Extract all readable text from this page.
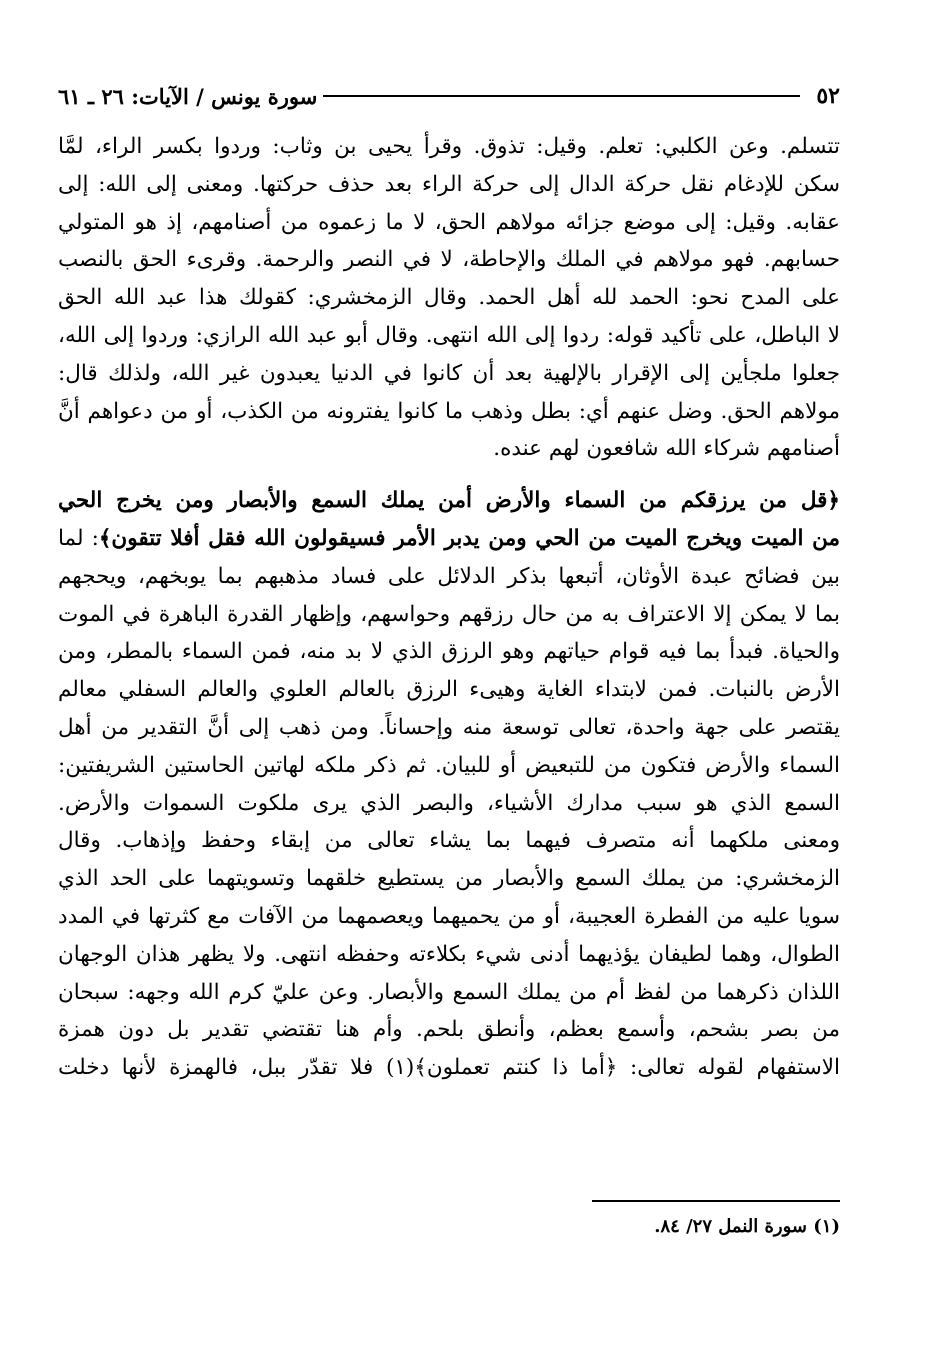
٥٢
سورة يونس / الآيات: ٢٦ ـ ٦١
تتسلم. وعن الكلبي: تعلم. وقيل: تذوق. وقرأ يحيى بن وثاب: وردوا بكسر الراء، لمَّا
سكن للإدغام نقل حركة الدال إلى حركة الراء بعد حذف حركتها. ومعنى إلى الله: إلى
عقابه. وقيل: إلى موضع جزائه مولاهم الحق، لا ما زعموه من أصنامهم، إذ هو المتولي
حسابهم. فهو مولاهم في الملك والإحاطة، لا في النصر والرحمة. وقرىء الحق بالنصب
على المدح نحو: الحمد لله أهل الحمد. وقال الزمخشري: كقولك هذا عبد الله الحق
لا الباطل، على تأكيد قوله: ردوا إلى الله انتهى. وقال أبو عبد الله الرازي: وردوا إلى الله،
جعلوا ملجأين إلى الإقرار بالإلهية بعد أن كانوا في الدنيا يعبدون غير الله، ولذلك قال:
مولاهم الحق. وضل عنهم أي: بطل وذهب ما كانوا يفترونه من الكذب، أو من دعواهم أنَّ
أصنامهم شركاء الله شافعون لهم عنده.
﴿قل من يرزقكم من السماء والأرض أمن يملك السمع والأبصار ومن يخرج الحي
من الميت ويخرج الميت من الحي ومن يدبر الأمر فسيقولون الله فقل أفلا تتقون﴾: لما
بين فضائح عبدة الأوثان، أتبعها بذكر الدلائل على فساد مذهبهم بما يوبخهم، ويحجهم
بما لا يمكن إلا الاعتراف به من حال رزقهم وحواسهم، وإظهار القدرة الباهرة في الموت
والحياة. فبدأ بما فيه قوام حياتهم وهو الرزق الذي لا بد منه، فمن السماء بالمطر، ومن
الأرض بالنبات. فمن لابتداء الغاية وهيىء الرزق بالعالم العلوي والعالم السفلي معالم
يقتصر على جهة واحدة، تعالى توسعة منه وإحساناً. ومن ذهب إلى أنَّ التقدير من أهل
السماء والأرض فتكون من للتبعيض أو للبيان. ثم ذكر ملكه لهاتين الحاستين الشريفتين:
السمع الذي هو سبب مدارك الأشياء، والبصر الذي يرى ملكوت السموات والأرض.
ومعنى ملكهما أنه متصرف فيهما بما يشاء تعالى من إبقاء وحفظ وإذهاب. وقال
الزمخشري: من يملك السمع والأبصار من يستطيع خلقهما وتسويتهما على الحد الذي
سويا عليه من الفطرة العجيبة، أو من يحميهما ويعصمهما من الآفات مع كثرتها في المدد
الطوال، وهما لطيفان يؤذيهما أدنى شيء بكلاءته وحفظه انتهى. ولا يظهر هذان الوجهان
اللذان ذكرهما من لفظ أم من يملك السمع والأبصار. وعن عليّ كرم الله وجهه: سبحان
من بصر بشحم، وأسمع بعظم، وأنطق بلحم. وأم هنا تقتضي تقدير بل دون همزة
الاستفهام لقوله تعالى: ﴿أما ذا كنتم تعملون﴾(١) فلا تقدّر ببل، فالهمزة لأنها دخلت
(١) سورة النمل ٢٧/ ٨٤.
